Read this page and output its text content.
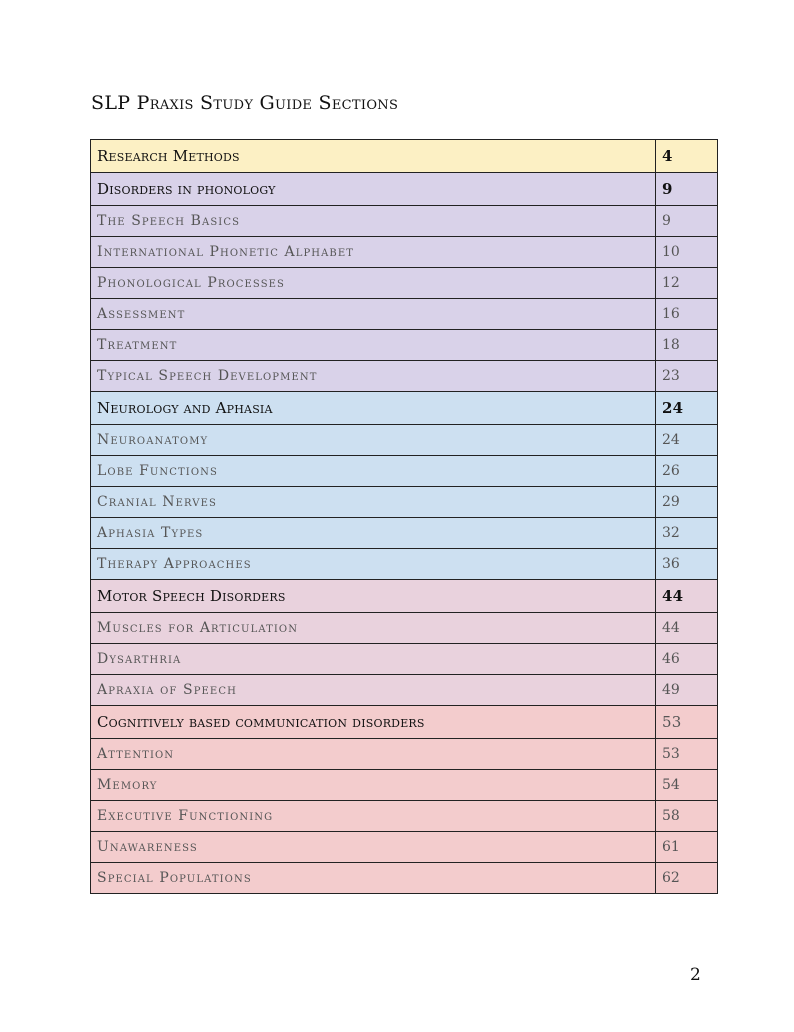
SLP Praxis Study Guide Sections
Research Methods	4
Disorders in phonology	9
The Speech Basics	9
International Phonetic Alphabet	10
Phonological Processes	12
Assessment	16
Treatment	18
Typical Speech Development	23
Neurology and Aphasia	24
Neuroanatomy	24
Lobe Functions	26
Cranial Nerves	29
Aphasia Types	32
Therapy Approaches	36
Motor Speech Disorders	44
Muscles for Articulation	44
Dysarthria	46
Apraxia of Speech	49
Cognitively based communication disorders	53
Attention	53
Memory	54
Executive Functioning	58
Unawareness	61
Special Populations	62
2
